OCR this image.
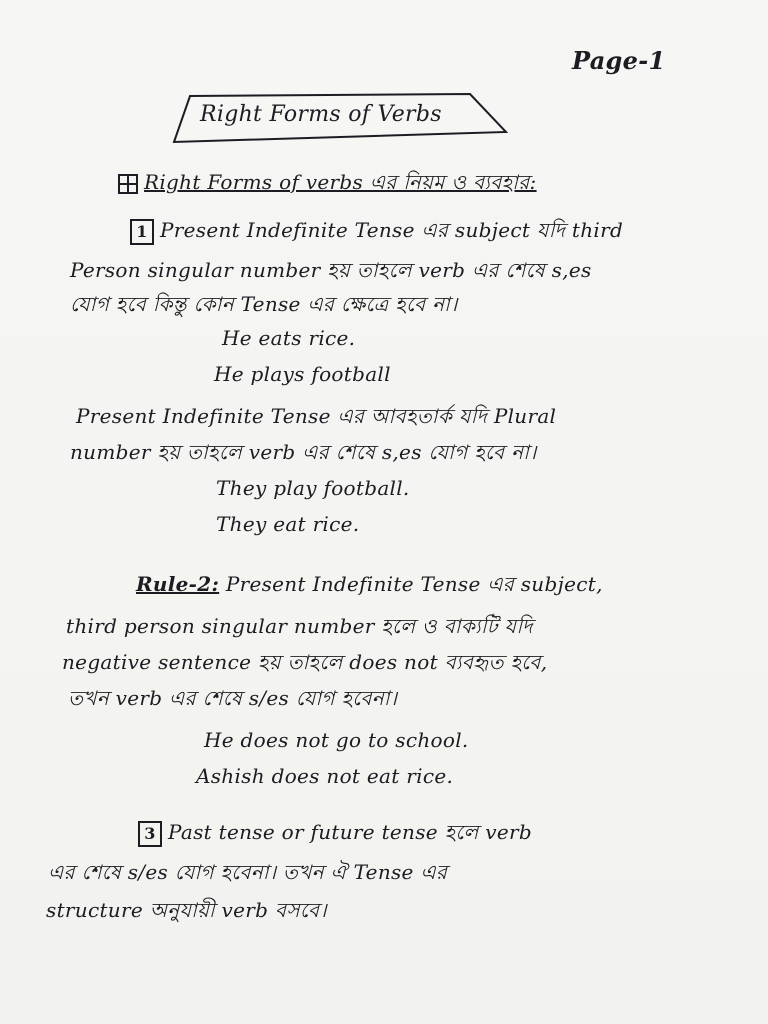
Page-1
Right Forms of Verbs
Right Forms of verbs এর নিয়ম ও ব্যবহার:
1 Present Indefinite Tense এর subject যদি third
Person singular number হয় তাহলে verb এর শেষে s,es
যোগ হবে কিন্তু কোন Tense এর ক্ষেত্রে হবে না।
He eats rice.
He plays football
Present Indefinite Tense এর আবহতার্ক যদি Plural
number হয় তাহলে verb এর শেষে s,es যোগ হবে না।
They play football.
They eat rice.
Rule-2: Present Indefinite Tense এর subject,
third person singular number হলে ও বাক্যটি যদি
negative sentence হয় তাহলে does not ব্যবহৃত হবে,
তখন verb এর শেষে s/es যোগ হবেনা।
He does not go to school.
Ashish does not eat rice.
3 Past tense or future tense হলে verb
এর শেষে s/es যোগ হবেনা। তখন ঐ Tense এর
structure অনুযায়ী verb বসবে।
